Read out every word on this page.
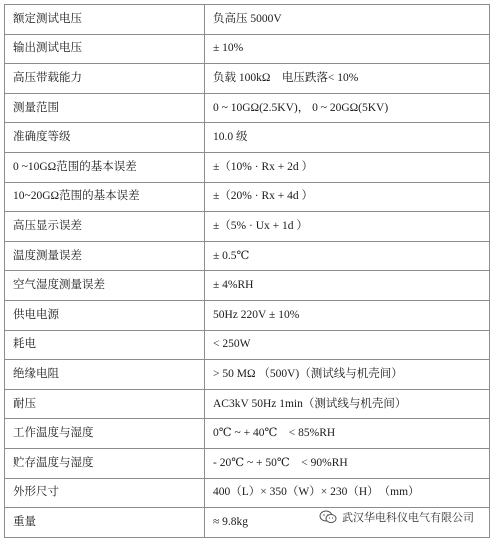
额定测试电压	负高压 5000V
输出测试电压	± 10%
高压带载能力	负载 100kΩ　电压跌落< 10%
测量范围	0 ~ 10GΩ(2.5KV)， 0 ~ 20GΩ(5KV)
准确度等级	10.0 级
0 ~10GΩ范围的基本误差	±（10% · Rx + 2d ）
10~20GΩ范围的基本误差	±（20% · Rx + 4d ）
高压显示误差	±（5% · Ux + 1d ）
温度测量误差	± 0.5℃
空气湿度测量误差	± 4%RH
供电电源	50Hz 220V ± 10%
耗电	< 250W
绝缘电阻	> 50 MΩ （500V)（测试线与机壳间）
耐压	AC3kV 50Hz 1min（测试线与机壳间）
工作温度与湿度	0℃ ~ + 40℃　< 85%RH
贮存温度与湿度	- 20℃ ~ + 50℃　< 90%RH
外形尺寸	400（L）× 350（W）× 230（H）　（mm）
重量	≈ 9.8kg	武汉华电科仪电气有限公司
